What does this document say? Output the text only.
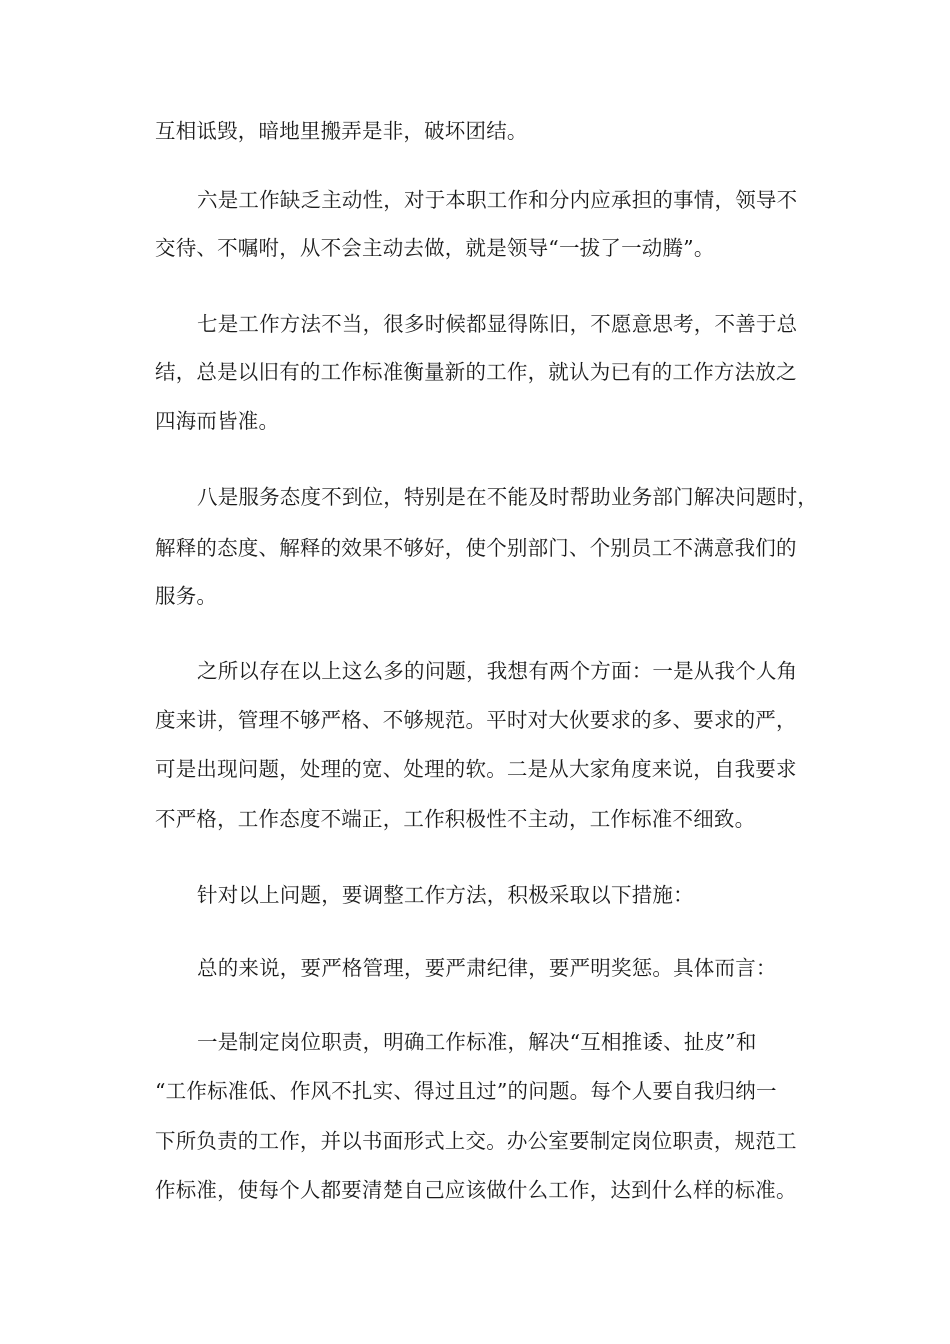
互相诋毁，暗地里搬弄是非，破坏团结。
六是工作缺乏主动性，对于本职工作和分内应承担的事情，领导不
交待、不嘱咐，从不会主动去做，就是领导“一拔了一动腾”。
七是工作方法不当，很多时候都显得陈旧，不愿意思考，不善于总
结，总是以旧有的工作标准衡量新的工作，就认为已有的工作方法放之
四海而皆准。
八是服务态度不到位，特别是在不能及时帮助业务部门解决问题时，
解释的态度、解释的效果不够好，使个别部门、个别员工不满意我们的
服务。
之所以存在以上这么多的问题，我想有两个方面：一是从我个人角
度来讲，管理不够严格、不够规范。平时对大伙要求的多、要求的严，
可是出现问题，处理的宽、处理的软。二是从大家角度来说，自我要求
不严格，工作态度不端正，工作积极性不主动，工作标准不细致。
针对以上问题，要调整工作方法，积极采取以下措施：
总的来说，要严格管理，要严肃纪律，要严明奖惩。具体而言：
一是制定岗位职责，明确工作标准，解决“互相推诿、扯皮”和
“工作标准低、作风不扎实、得过且过”的问题。每个人要自我归纳一
下所负责的工作，并以书面形式上交。办公室要制定岗位职责，规范工
作标准，使每个人都要清楚自己应该做什么工作，达到什么样的标准。
